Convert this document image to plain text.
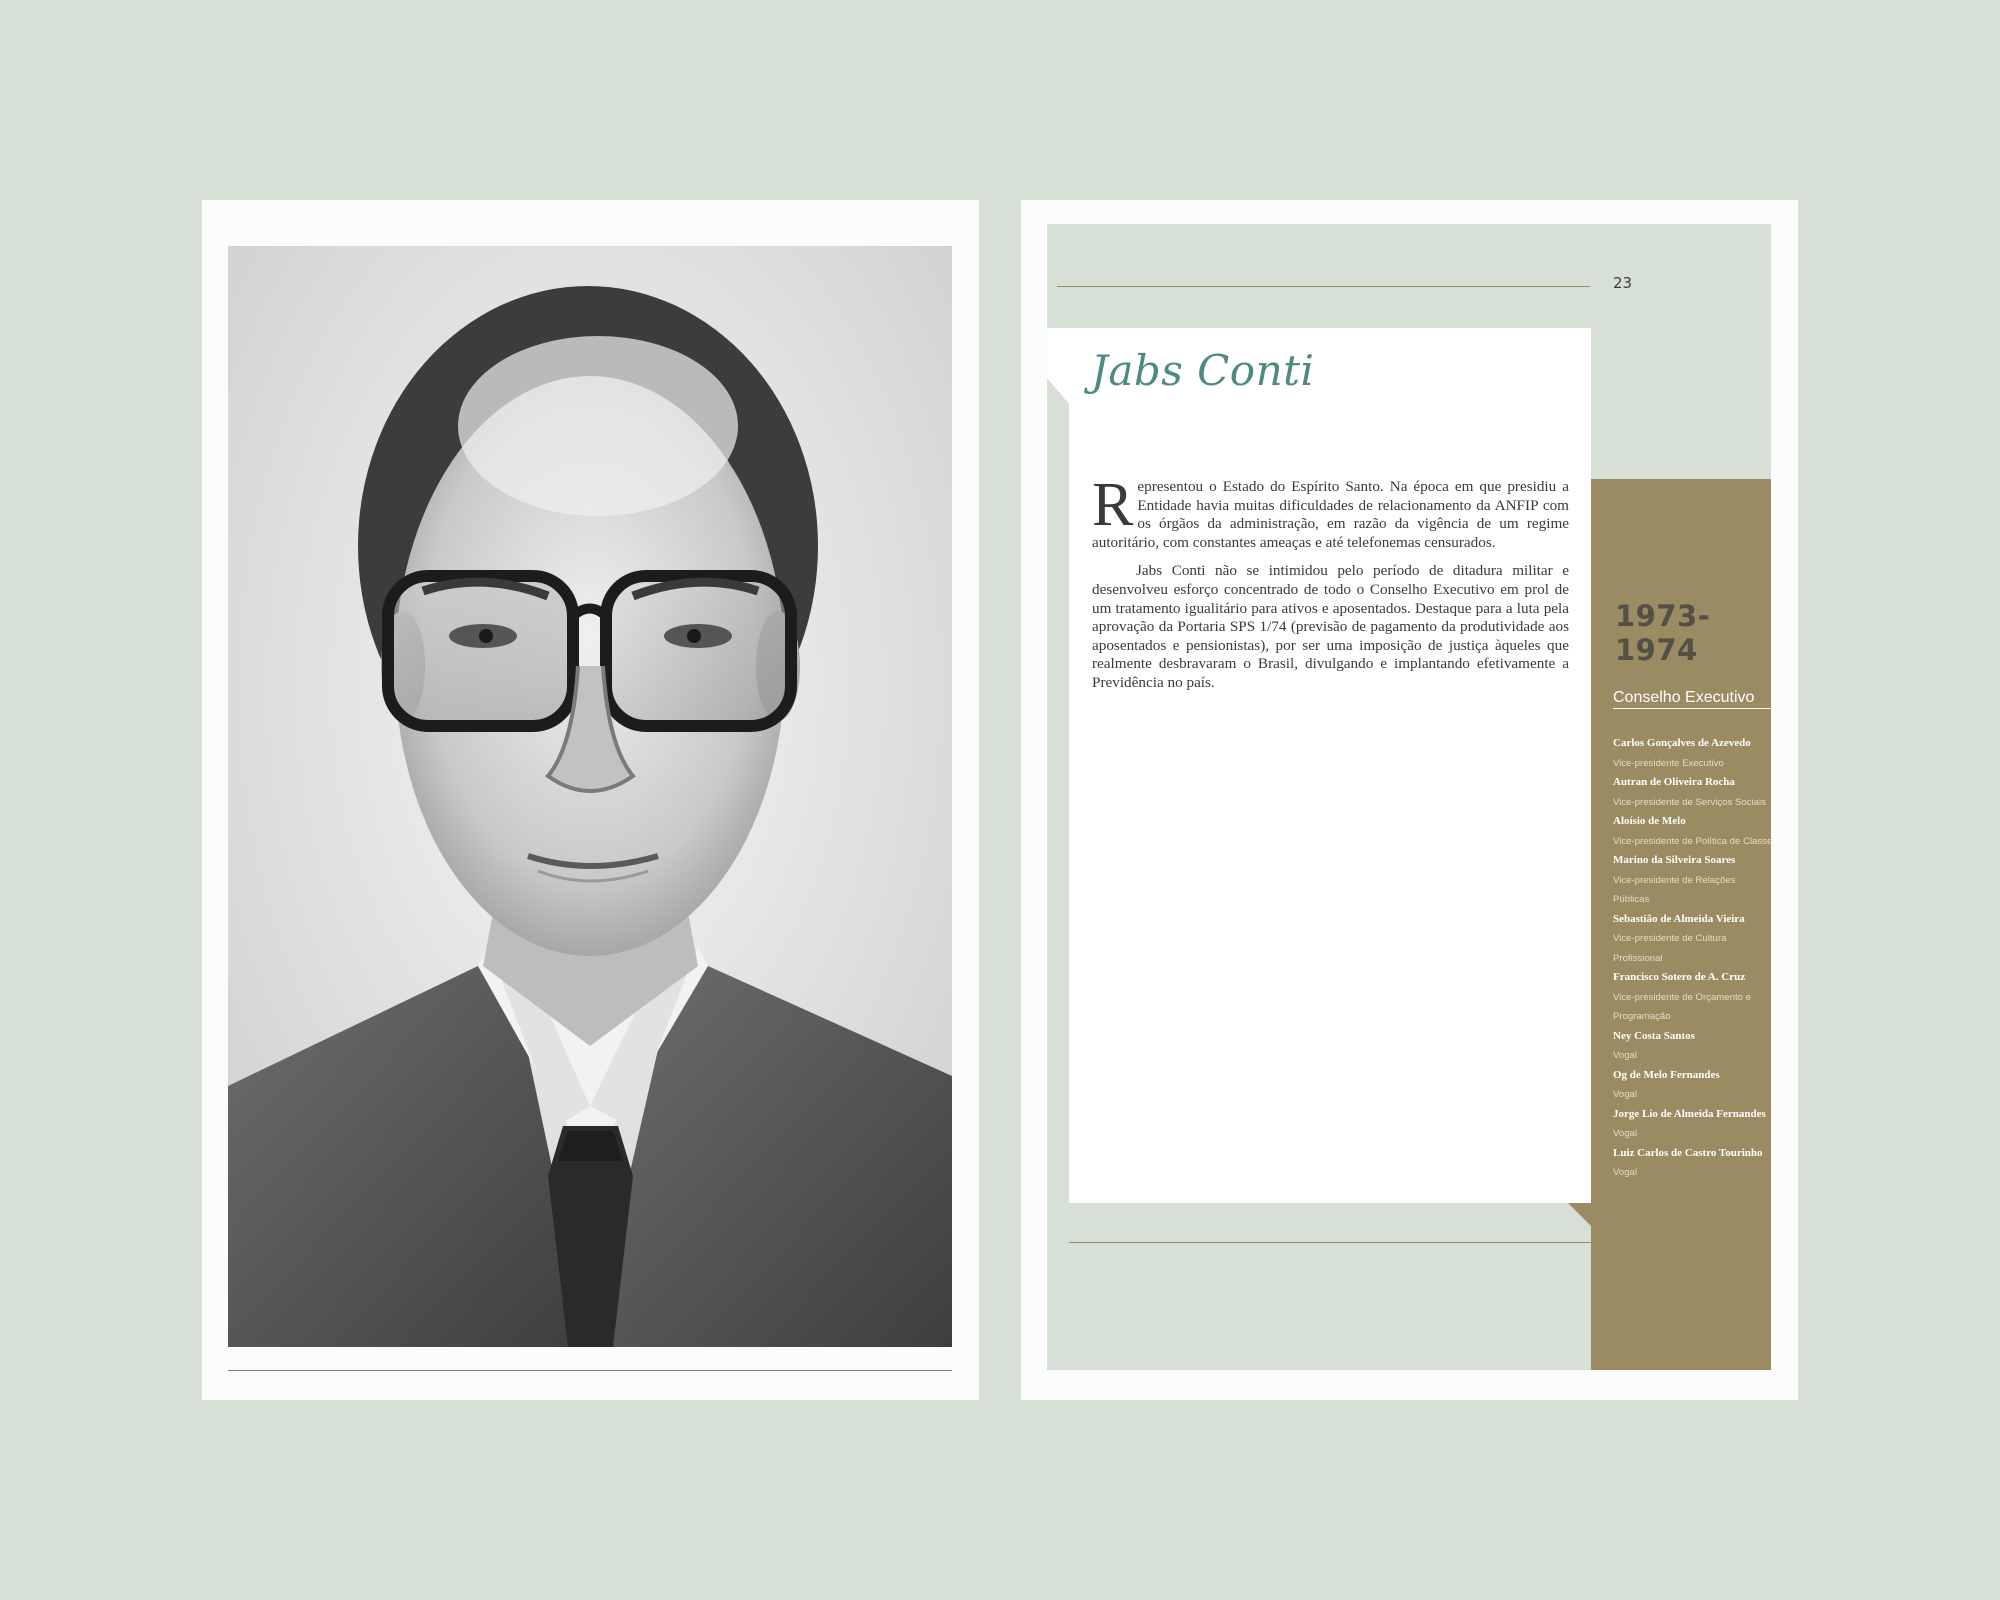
23
Jabs Conti

Representou o Estado do Espírito Santo. Na época em que presidiu a Entidade havia muitas dificuldades de relacionamento da ANFIP com os órgãos da administração, em razão da vigência de um regime autoritário, com constantes ameaças e até telefonemas censurados.

Jabs Conti não se intimidou pelo período de ditadura militar e desenvolveu esforço concentrado de todo o Conselho Executivo em prol de um tratamento igualitário para ativos e aposentados. Destaque para a luta pela aprovação da Portaria SPS 1/74 (previsão de pagamento da produtividade aos aposentados e pensionistas), por ser uma imposição de justiça àqueles que realmente desbravaram o Brasil, divulgando e implantando efetivamente a Previdência no país.

1973-1974
Conselho Executivo
Carlos Gonçalves de Azevedo
Vice-presidente Executivo
Autran de Oliveira Rocha
Vice-presidente de Serviços Sociais
Aloísio de Melo
Vice-presidente de Política de Classe
Marino da Silveira Soares
Vice-presidente de Relações Públicas
Sebastião de Almeida Vieira
Vice-presidente de Cultura Profissional
Francisco Sotero de A. Cruz
Vice-presidente de Orçamento e Programação
Ney Costa Santos
Vogal
Og de Melo Fernandes
Vogal
Jorge Lio de Almeida Fernandes
Vogal
Luiz Carlos de Castro Tourinho
Vogal
